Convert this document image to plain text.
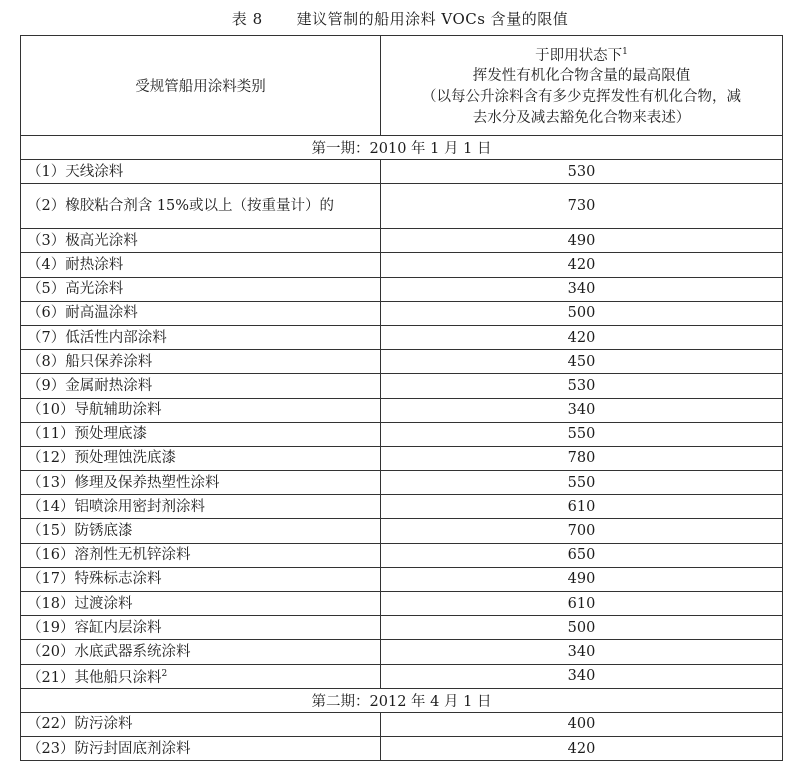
表 8 建议管制的船用涂料 VOCs 含量的限值
受规管船用涂料类别	于即用状态下$^1$
挥发性有机化合物含量的最高限值
（以每公升涂料含有多少克挥发性有机化合物，减
去水分及减去豁免化合物来表述）

第一期：2010 年 1 月 1 日	
（1）天线涂料	530
（2）橡胶粘合剂含 15%或以上（按重量计）的	730
（3）极高光涂料	490
（4）耐热涂料	420
（5）高光涂料	340
（6）耐高温涂料	500
（7）低活性内部涂料	420
（8）船只保养涂料	450
（9）金属耐热涂料	530
（10）导航辅助涂料	340
（11）预处理底漆	550
（12）预处理蚀洗底漆	780
（13）修理及保养热塑性涂料	550
（14）铝喷涂用密封剂涂料	610
（15）防锈底漆	700
（16）溶剂性无机锌涂料	650
（17）特殊标志涂料	490
（18）过渡涂料	610
（19）容缸内层涂料	500
（20）水底武器系统涂料	340
（21）其他船只涂料$^2$	340
第二期：2012 年 4 月 1 日	
（22）防污涂料	400
（23）防污封固底剂涂料	420
